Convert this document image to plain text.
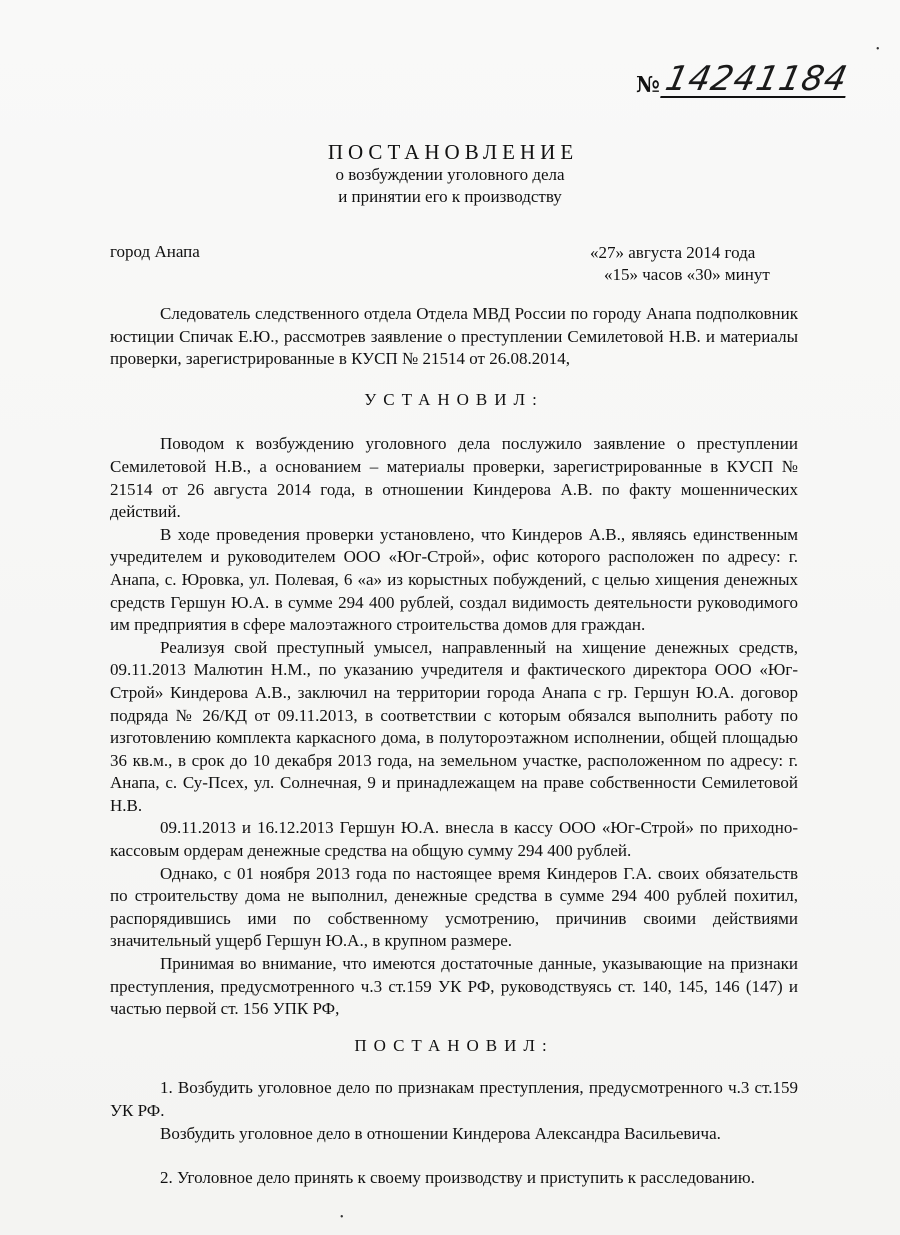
•
№ 14241184
ПОСТАНОВЛЕНИЕ
о возбуждении уголовного дела
и принятии его к производству
город Анапа	«27» августа 2014 года
«15» часов «30» минут

Следователь следственного отдела Отдела МВД России по городу Анапа подполковник юстиции Спичак Е.Ю., рассмотрев заявление о преступлении Семилетовой Н.В. и материалы проверки, зарегистрированные в КУСП № 21514 от 26.08.2014,

УСТАНОВИЛ:

Поводом к возбуждению уголовного дела послужило заявление о преступлении Семилетовой Н.В., а основанием – материалы проверки, зарегистрированные в КУСП № 21514 от 26 августа 2014 года, в отношении Киндерова А.В. по факту мошеннических действий.

В ходе проведения проверки установлено, что Киндеров А.В., являясь единственным учредителем и руководителем ООО «Юг-Строй», офис которого расположен по адресу: г. Анапа, с. Юровка, ул. Полевая, 6 «а» из корыстных побуждений, с целью хищения денежных средств Гершун Ю.А. в сумме 294 400 рублей, создал видимость деятельности руководимого им предприятия в сфере малоэтажного строительства домов для граждан.

Реализуя свой преступный умысел, направленный на хищение денежных средств, 09.11.2013 Малютин Н.М., по указанию учредителя и фактического директора ООО «Юг-Строй» Киндерова А.В., заключил на территории города Анапа с гр. Гершун Ю.А. договор подряда № 26/КД от 09.11.2013, в соответствии с которым обязался выполнить работу по изготовлению комплекта каркасного дома, в полутороэтажном исполнении, общей площадью 36 кв.м., в срок до 10 декабря 2013 года, на земельном участке, расположенном по адресу: г. Анапа, с. Су-Псех, ул. Солнечная, 9 и принадлежащем на праве собственности Семилетовой Н.В.

09.11.2013 и 16.12.2013 Гершун Ю.А. внесла в кассу ООО «Юг-Строй» по приходно-кассовым ордерам денежные средства на общую сумму 294 400 рублей.

Однако, с 01 ноября 2013 года по настоящее время Киндеров Г.А. своих обязательств по строительству дома не выполнил, денежные средства в сумме 294 400 рублей похитил, распорядившись ими по собственному усмотрению, причинив своими действиями значительный ущерб Гершун Ю.А., в крупном размере.

Принимая во внимание, что имеются достаточные данные, указывающие на признаки преступления, предусмотренного ч.3 ст.159 УК РФ, руководствуясь ст. 140, 145, 146 (147) и частью первой ст. 156 УПК РФ,

ПОСТАНОВИЛ:

1. Возбудить уголовное дело по признакам преступления, предусмотренного ч.3 ст.159 УК РФ.

Возбудить уголовное дело в отношении Киндерова Александра Васильевича.

2. Уголовное дело принять к своему производству и приступить к расследованию.

•
